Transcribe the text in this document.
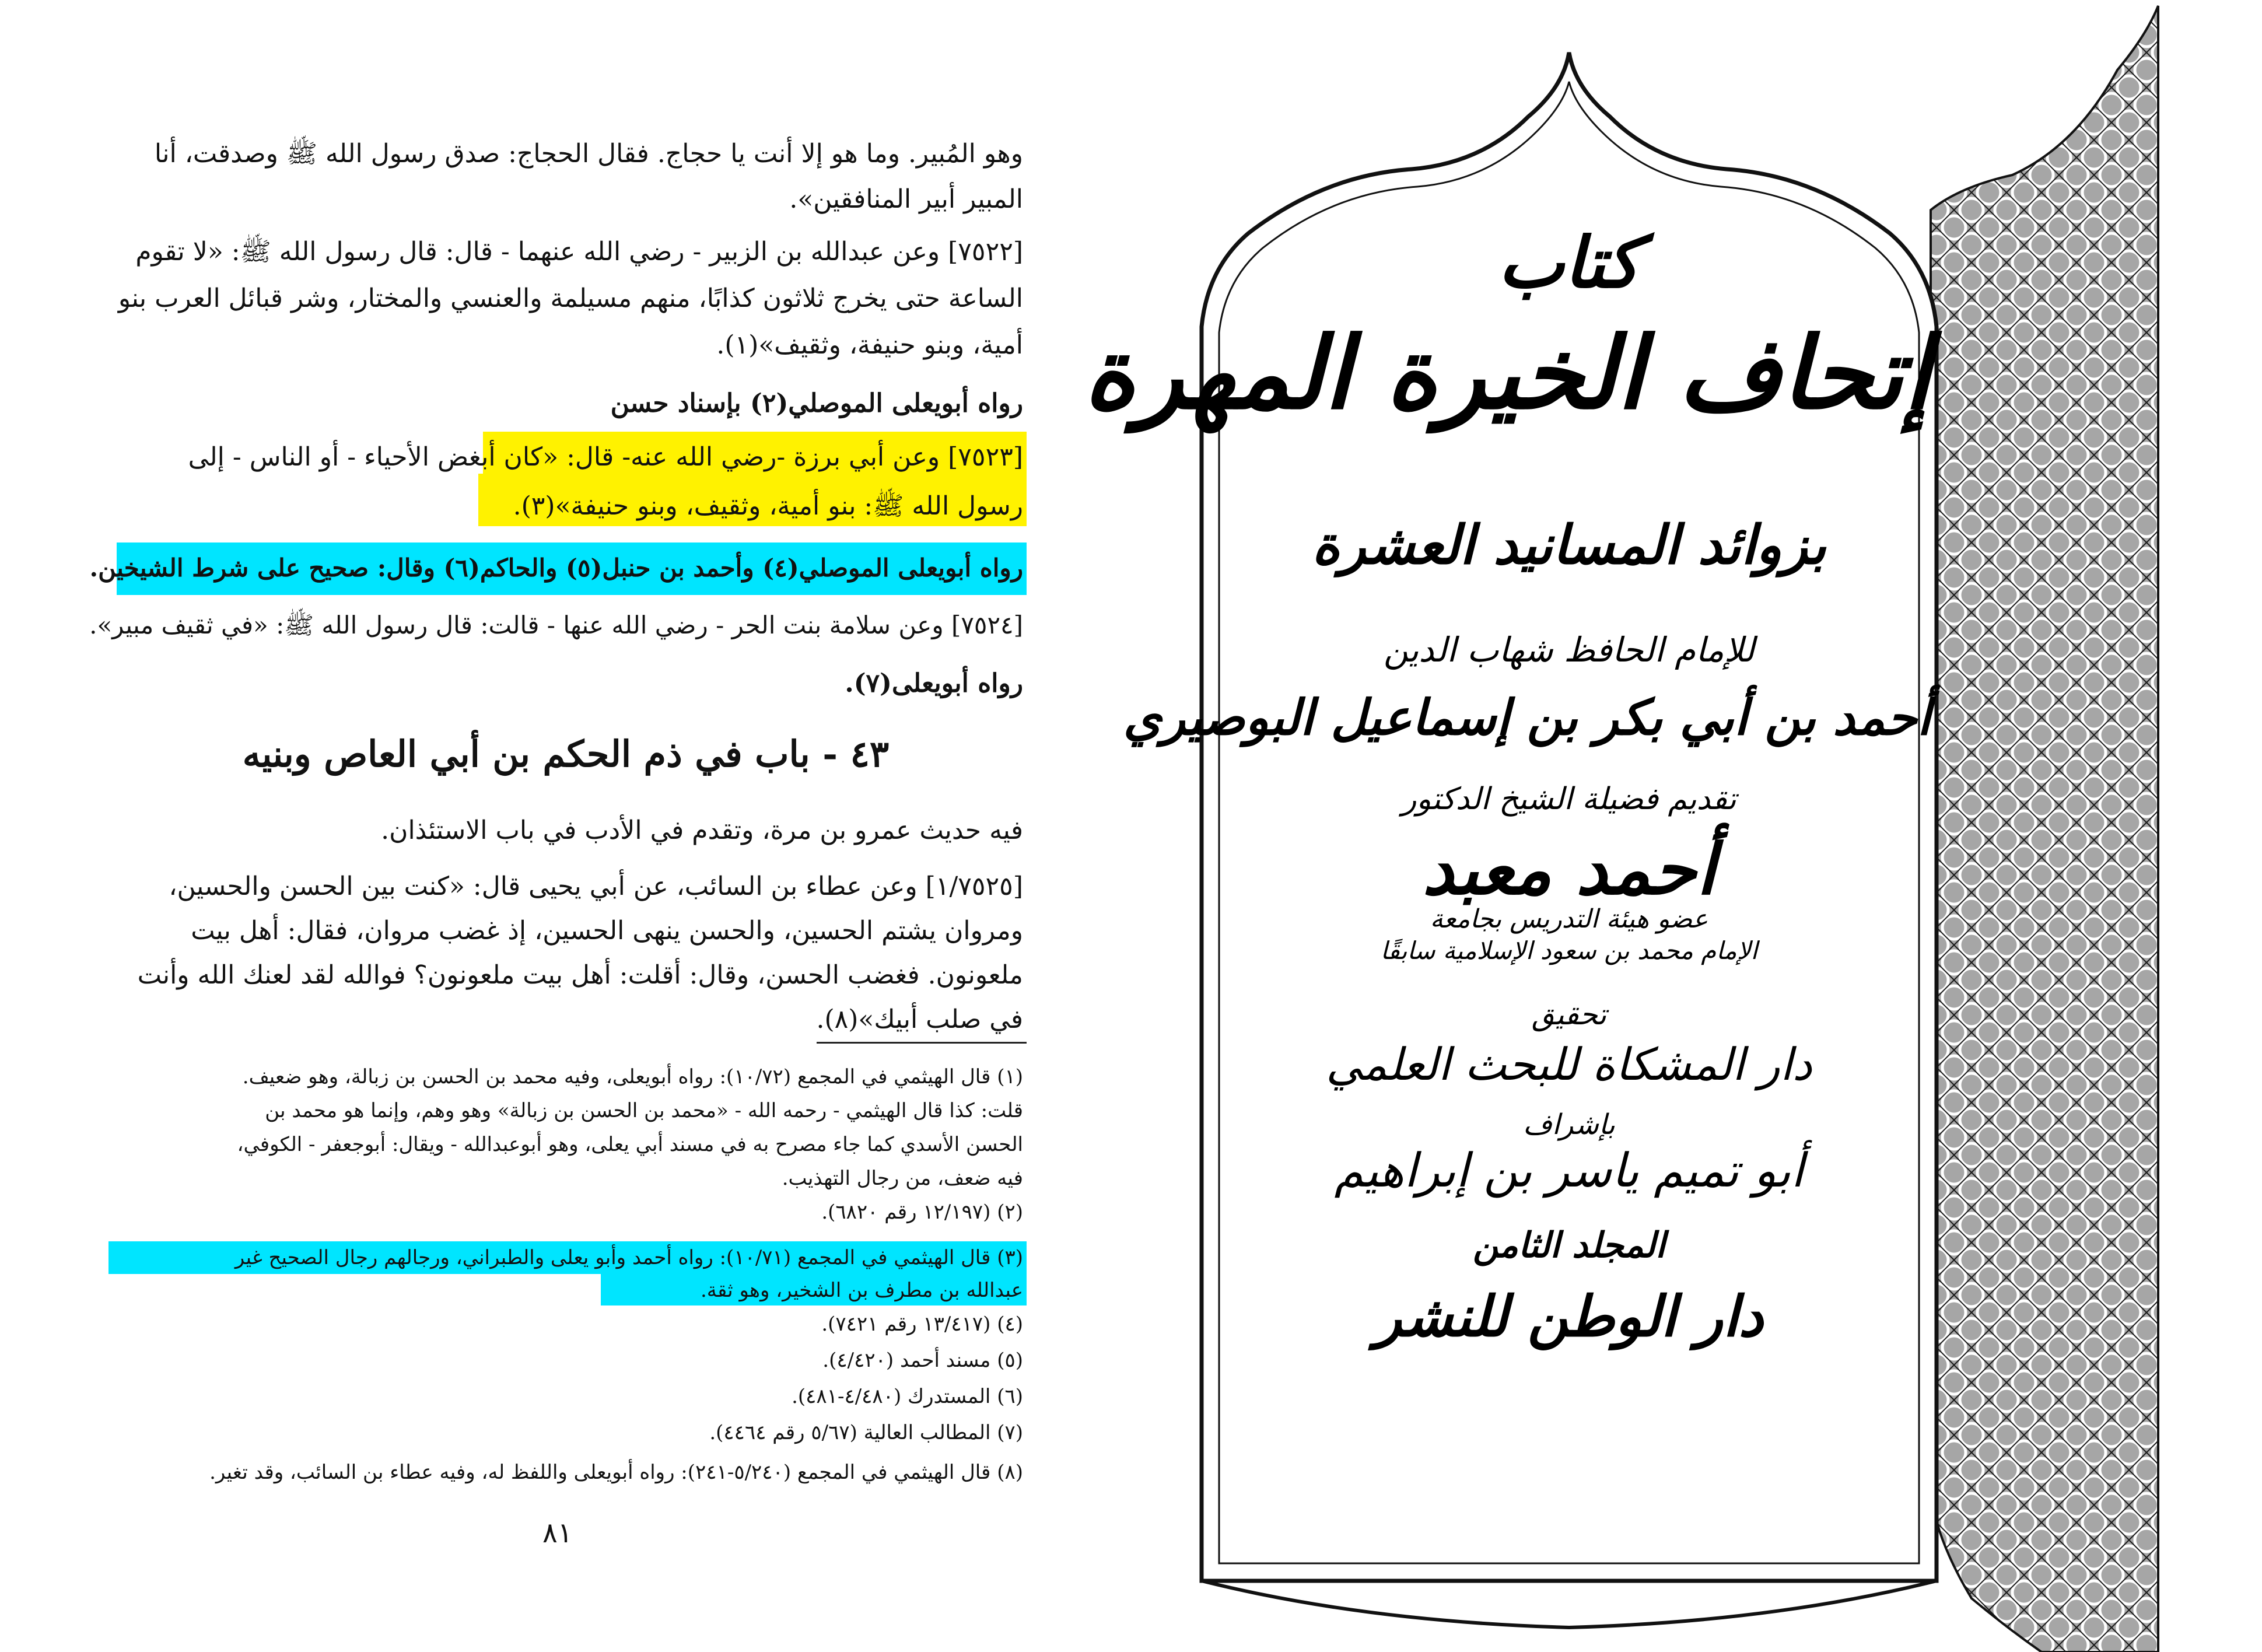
وهو المُبير. وما هو إلا أنت يا حجاج. فقال الحجاج: صدق رسول الله ﷺ وصدقت، أنا
المبير أبير المنافقين».
[٧٥٢٢] وعن عبدالله بن الزبير - رضي الله عنهما - قال: قال رسول الله ﷺ: «لا تقوم
الساعة حتى يخرج ثلاثون كذابًا، منهم مسيلمة والعنسي والمختار، وشر قبائل العرب بنو
أمية، وبنو حنيفة، وثقيف»(١).
رواه أبويعلى الموصلي(٢) بإسناد حسن
[٧٥٢٣] وعن أبي برزة -رضي الله عنه- قال: «كان أبغض الأحياء - أو الناس - إلى
رسول الله ﷺ: بنو أمية، وثقيف، وبنو حنيفة»(٣).
رواه أبويعلى الموصلي(٤) وأحمد بن حنبل(٥) والحاكم(٦) وقال: صحيح على شرط الشيخين.
[٧٥٢٤] وعن سلامة بنت الحر - رضي الله عنها - قالت: قال رسول الله ﷺ: «في ثقيف مبير».
رواه أبويعلى(٧).
٤٣ - باب في ذم الحكم بن أبي العاص وبنيه
فيه حديث عمرو بن مرة، وتقدم في الأدب في باب الاستئذان.
[١/٧٥٢٥] وعن عطاء بن السائب، عن أبي يحيى قال: «كنت بين الحسن والحسين،
ومروان يشتم الحسين، والحسن ينهى الحسين، إذ غضب مروان، فقال: أهل بيت
ملعونون. فغضب الحسن، وقال: أقلت: أهل بيت ملعونون؟ فوالله لقد لعنك الله وأنت
في صلب أبيك»(٨).
(١) قال الهيثمي في المجمع (١٠/٧٢): رواه أبويعلى، وفيه محمد بن الحسن بن زبالة، وهو ضعيف.
قلت: كذا قال الهيثمي - رحمه الله - «محمد بن الحسن بن زبالة» وهو وهم، وإنما هو محمد بن
الحسن الأسدي كما جاء مصرح به في مسند أبي يعلى، وهو أبوعبدالله - ويقال: أبوجعفر - الكوفي،
فيه ضعف، من رجال التهذيب.
(٢) (١٢/١٩٧ رقم ٦٨٢٠).
(٣) قال الهيثمي في المجمع (١٠/٧١): رواه أحمد وأبو يعلى والطبراني، ورجالهم رجال الصحيح غير
عبدالله بن مطرف بن الشخير، وهو ثقة.
(٤) (١٣/٤١٧ رقم ٧٤٢١).
(٥) مسند أحمد (٤/٤٢٠).
(٦) المستدرك (٤/٤٨٠-٤٨١).
(٧) المطالب العالية (٥/٦٧ رقم ٤٤٦٤).
(٨) قال الهيثمي في المجمع (٥/٢٤٠-٢٤١): رواه أبويعلى واللفظ له، وفيه عطاء بن السائب، وقد تغير.
٨١
كتاب
إتحاف الخيرة المهرة
بزوائد المسانيد العشرة
للإمام الحافظ شهاب الدين
أحمد بن أبي بكر بن إسماعيل البوصيري
تقديم فضيلة الشيخ الدكتور
أحمد معبد
عضو هيئة التدريس بجامعة
الإمام محمد بن سعود الإسلامية سابقًا
تحقيق
دار المشكاة للبحث العلمي
بإشراف
أبو تميم ياسر بن إبراهيم
المجلد الثامن
دار الوطن للنشر
